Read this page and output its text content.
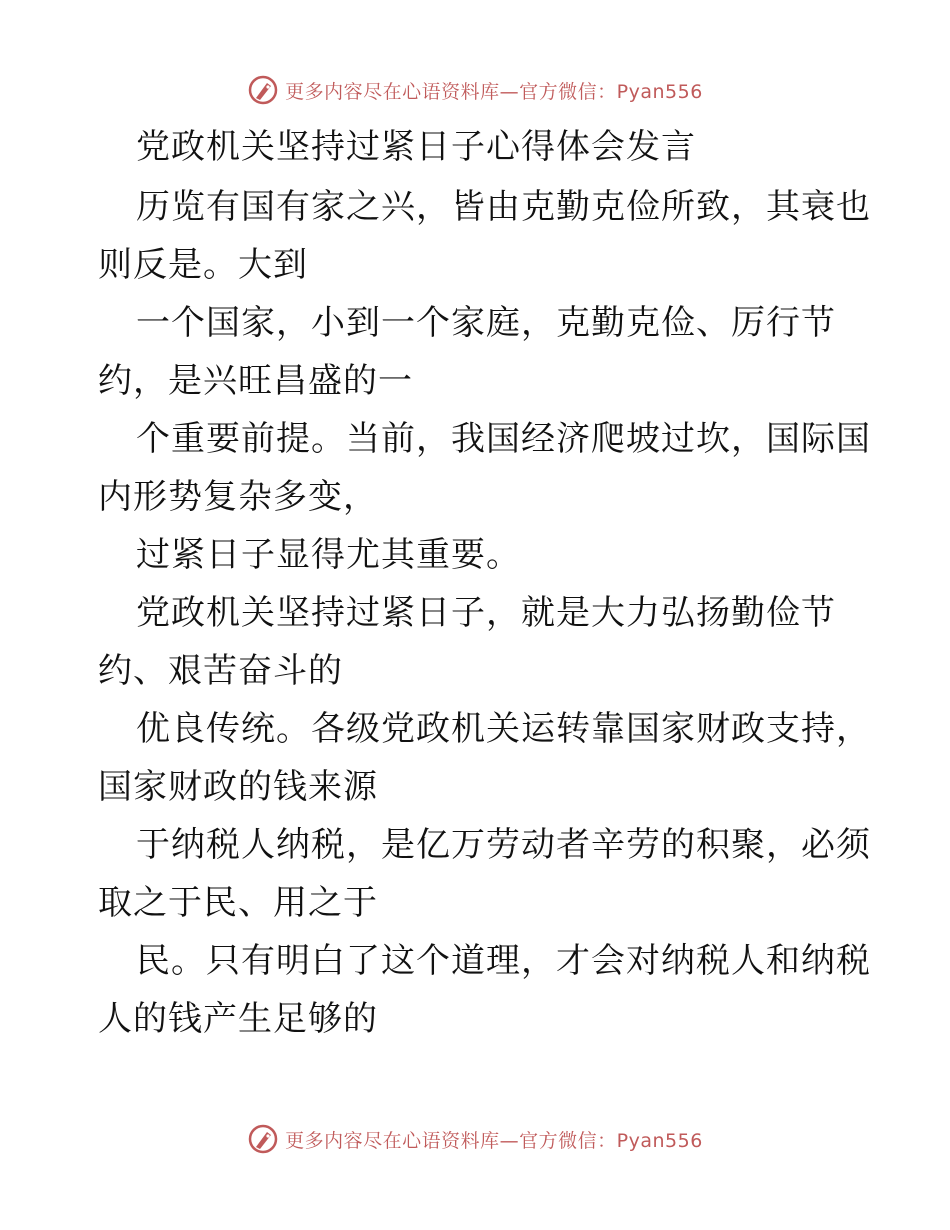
更多内容尽在心语资料库—官方微信：Pyan556
党政机关坚持过紧日子心得体会发言
历览有国有家之兴，皆由克勤克俭所致，其衰也
则反是。大到
一个国家，小到一个家庭，克勤克俭、厉行节
约，是兴旺昌盛的一
个重要前提。当前，我国经济爬坡过坎，国际国
内形势复杂多变，
过紧日子显得尤其重要。
党政机关坚持过紧日子，就是大力弘扬勤俭节
约、艰苦奋斗的
优良传统。各级党政机关运转靠国家财政支持，
国家财政的钱来源
于纳税人纳税，是亿万劳动者辛劳的积聚，必须
取之于民、用之于
民。只有明白了这个道理，才会对纳税人和纳税
人的钱产生足够的
更多内容尽在心语资料库—官方微信：Pyan556
